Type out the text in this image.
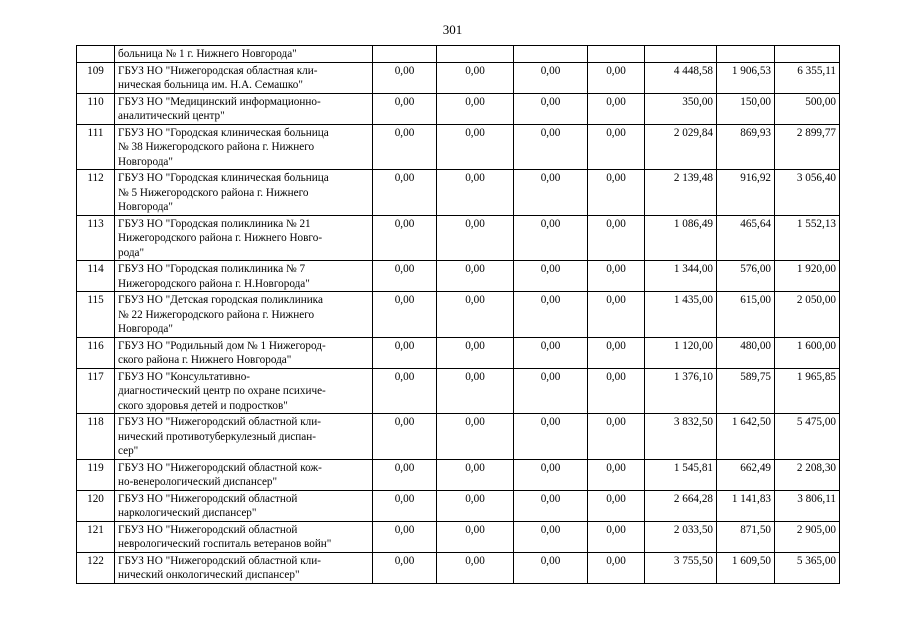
301
	больница № 1 г. Нижнего Новгорода"							
109	ГБУЗ НО "Нижегородская областная кли-
ническая больница им. Н.А. Семашко"	0,00	0,00	0,00	0,00	4 448,58	1 906,53	6 355,11
110	ГБУЗ НО "Медицинский информационно-
аналитический центр"	0,00	0,00	0,00	0,00	350,00	150,00	500,00
111	ГБУЗ НО "Городская клиническая больница
№ 38 Нижегородского района г. Нижнего
Новгорода"	0,00	0,00	0,00	0,00	2 029,84	869,93	2 899,77
112	ГБУЗ НО "Городская клиническая больница
№ 5 Нижегородского района г. Нижнего
Новгорода"	0,00	0,00	0,00	0,00	2 139,48	916,92	3 056,40
113	ГБУЗ НО "Городская поликлиника № 21
Нижегородского района г. Нижнего Новго-
рода"	0,00	0,00	0,00	0,00	1 086,49	465,64	1 552,13
114	ГБУЗ НО "Городская поликлиника № 7
Нижегородского района г. Н.Новгорода"	0,00	0,00	0,00	0,00	1 344,00	576,00	1 920,00
115	ГБУЗ НО "Детская городская поликлиника
№ 22 Нижегородского района г. Нижнего
Новгорода"	0,00	0,00	0,00	0,00	1 435,00	615,00	2 050,00
116	ГБУЗ НО "Родильный дом № 1 Нижегород-
ского района г. Нижнего Новгорода"	0,00	0,00	0,00	0,00	1 120,00	480,00	1 600,00
117	ГБУЗ НО "Консультативно-
диагностический центр по охране психиче-
ского здоровья детей и подростков"	0,00	0,00	0,00	0,00	1 376,10	589,75	1 965,85
118	ГБУЗ НО "Нижегородский областной кли-
нический противотуберкулезный диспан-
сер"	0,00	0,00	0,00	0,00	3 832,50	1 642,50	5 475,00
119	ГБУЗ НО "Нижегородский областной кож-
но-венерологический диспансер"	0,00	0,00	0,00	0,00	1 545,81	662,49	2 208,30
120	ГБУЗ НО "Нижегородский областной
наркологический диспансер"	0,00	0,00	0,00	0,00	2 664,28	1 141,83	3 806,11
121	ГБУЗ НО "Нижегородский областной
неврологический госпиталь ветеранов войн"	0,00	0,00	0,00	0,00	2 033,50	871,50	2 905,00
122	ГБУЗ НО "Нижегородский областной кли-
нический онкологический диспансер"	0,00	0,00	0,00	0,00	3 755,50	1 609,50	5 365,00
